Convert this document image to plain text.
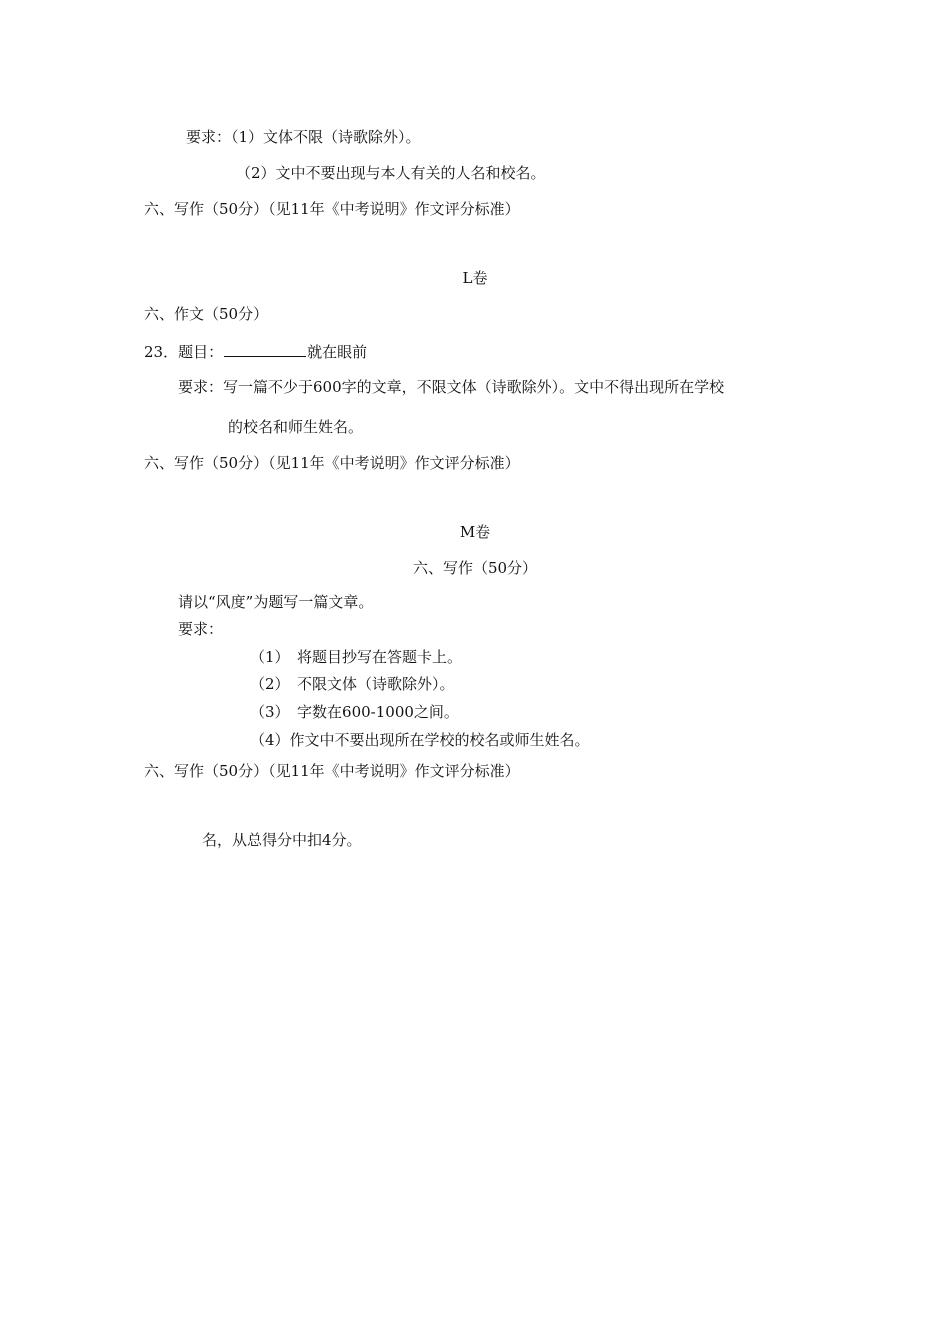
要求：（1）文体不限（诗歌除外）。
（2）文中不要出现与本人有关的人名和校名。
六、写作（50分）（见11年《中考说明》作文评分标准）
L卷
六、作文（50分）
23．题目：	就在眼前
要求：写一篇不少于600字的文章，不限文体（诗歌除外）。文中不得出现所在学校
的校名和师生姓名。
六、写作（50分）（见11年《中考说明》作文评分标准）
M卷
六、写作（50分）
请以“风度”为题写一篇文章。
要求：
（1）　将题目抄写在答题卡上。
（2）　不限文体（诗歌除外）。
（3）　字数在600-1000之间。
（4）作文中不要出现所在学校的校名或师生姓名。
六、写作（50分）（见11年《中考说明》作文评分标准）
名，从总得分中扣4分。
